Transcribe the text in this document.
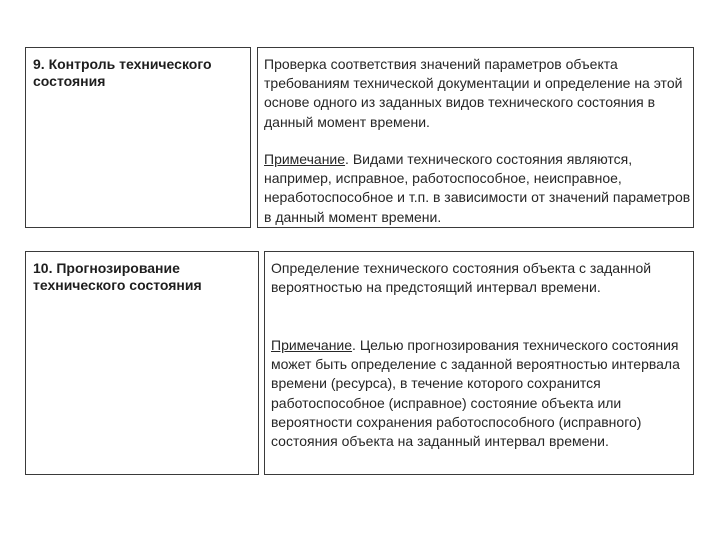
9. Контроль технического состояния
Проверка соответствия значений параметров объекта требованиям технической документации и определение на этой основе одного из заданных видов технического состояния в данный момент времени.
Примечание. Видами технического состояния являются, например, исправное, работоспособное, неисправное, неработоспособное и т.п. в зависимости от значений параметров в данный момент времени.
10. Прогнозирование технического состояния
Определение технического состояния объекта с заданной вероятностью на предстоящий интервал времени.
Примечание. Целью прогнозирования технического состояния может быть определение с заданной вероятностью интервала времени (ресурса), в течение которого сохранится работоспособное (исправное) состояние объекта или вероятности сохранения работоспособного (исправного) состояния объекта на заданный интервал времени.
